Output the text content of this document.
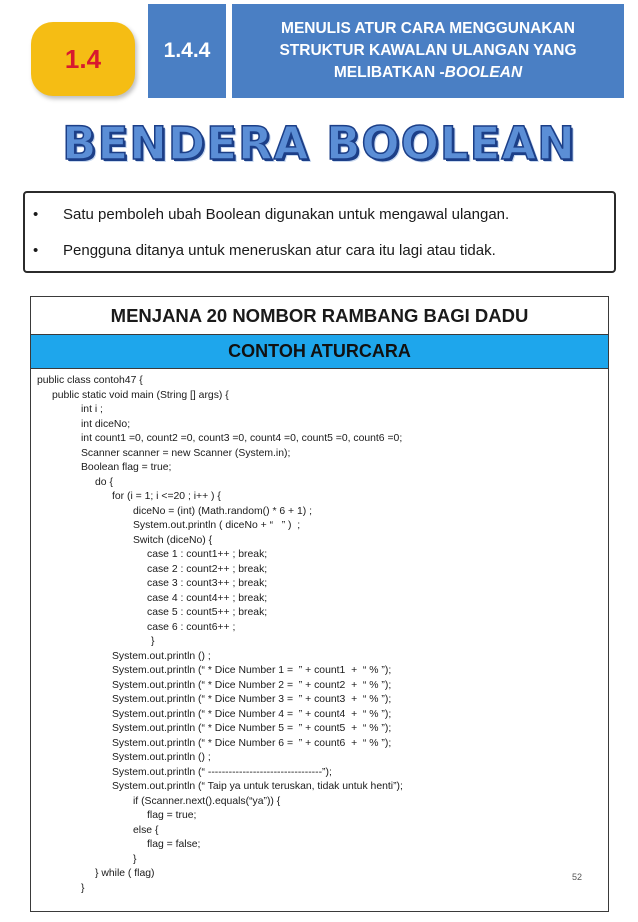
1.4	1.4.4
MENULIS ATUR CARA MENGGUNAKAN
STRUKTUR KAWALAN ULANGAN YANG
MELIBATKAN -BOOLEAN
BENDERA BOOLEAN
• Satu pemboleh ubah Boolean digunakan untuk mengawal ulangan.
• Pengguna ditanya untuk meneruskan atur cara itu lagi atau tidak.
MENJANA 20 NOMBOR RAMBANG BAGI DADU
CONTOH ATURCARA
public class contoh47 {
public static void main (String [] args) {
int i ;
int diceNo;
int count1 =0, count2 =0, count3 =0, count4 =0, count5 =0, count6 =0;
Scanner scanner = new Scanner (System.in);
Boolean flag = true;
do {
for (i = 1; i <=20 ; i++ ) {
diceNo = (int) (Math.random() * 6 + 1) ;
System.out.println ( diceNo + “   ” )  ;
Switch (diceNo) {
case 1 : count1++ ; break;
case 2 : count2++ ; break;
case 3 : count3++ ; break;
case 4 : count4++ ; break;
case 5 : count5++ ; break;
case 6 : count6++ ;
}
System.out.println () ;
System.out.println (“ * Dice Number 1 =  ” + count1  +  “ % ”);
System.out.println (“ * Dice Number 2 =  ” + count2  +  “ % ”);
System.out.println (“ * Dice Number 3 =  ” + count3  +  “ % ”);
System.out.println (“ * Dice Number 4 =  ” + count4  +  “ % ”);
System.out.println (“ * Dice Number 5 =  ” + count5  +  “ % ”);
System.out.println (“ * Dice Number 6 =  ” + count6  +  “ % ”);
System.out.println () ;
System.out.println (“ ---------------------------------”);
System.out.println (“ Taip ya untuk teruskan, tidak untuk henti”);
if (Scanner.next().equals(“ya”)) {
flag = true;
else {
flag = false;
}
} while ( flag)
}
52
